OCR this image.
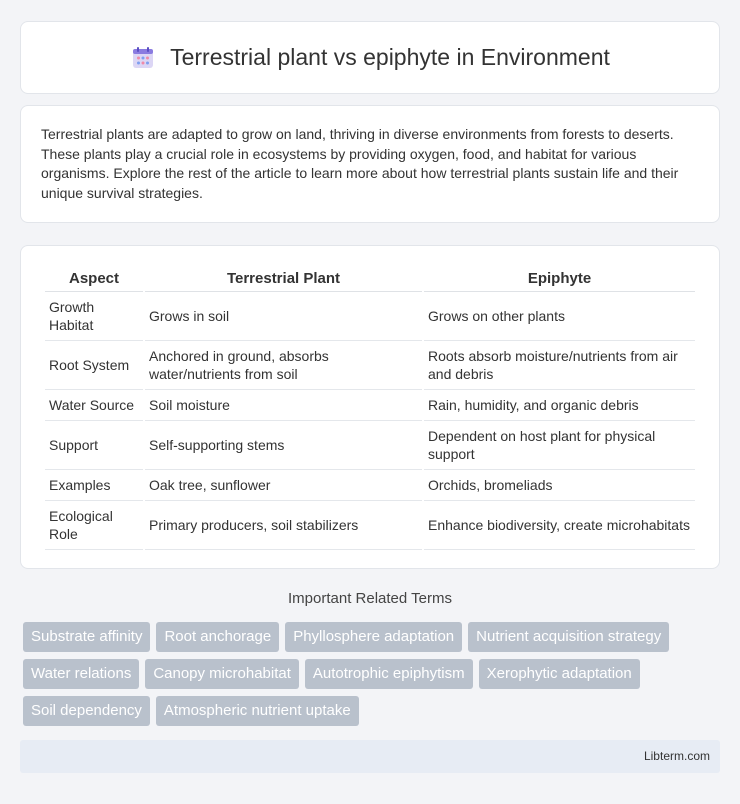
Terrestrial plant vs epiphyte in Environment

Terrestrial plants are adapted to grow on land, thriving in diverse environments from forests to deserts. These plants play a crucial role in ecosystems by providing oxygen, food, and habitat for various organisms. Explore the rest of the article to learn more about how terrestrial plants sustain life and their unique survival strategies.

Aspect	Terrestrial Plant	Epiphyte
Growth Habitat	Grows in soil	Grows on other plants
Root System	Anchored in ground, absorbs water/nutrients from soil	Roots absorb moisture/nutrients from air and debris
Water Source	Soil moisture	Rain, humidity, and organic debris
Support	Self-supporting stems	Dependent on host plant for physical support
Examples	Oak tree, sunflower	Orchids, bromeliads
Ecological Role	Primary producers, soil stabilizers	Enhance biodiversity, create microhabitats
Important Related Terms
Substrate affinity	Root anchorage	Phyllosphere adaptation	Nutrient acquisition strategy
Water relations	Canopy microhabitat	Autotrophic epiphytism	Xerophytic adaptation
Soil dependency	Atmospheric nutrient uptake
Libterm.com
